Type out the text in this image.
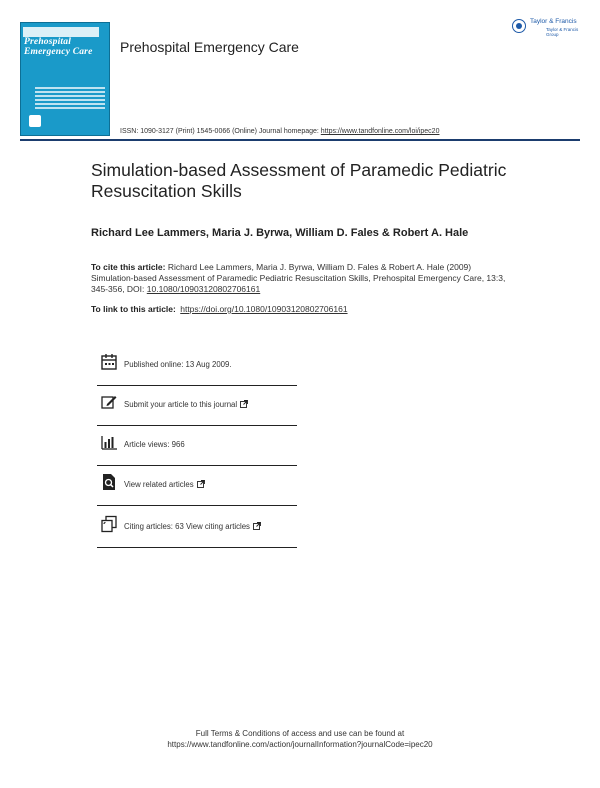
Prehospital Emergency Care	Prehospital Emergency Care
Taylor & Francis
Taylor & Francis Group
ISSN: 1090-3127 (Print) 1545-0066 (Online) Journal homepage: https://www.tandfonline.com/loi/ipec20
Simulation-based Assessment of Paramedic Pediatric Resuscitation Skills
Richard Lee Lammers, Maria J. Byrwa, William D. Fales & Robert A. Hale
To cite this article: Richard Lee Lammers, Maria J. Byrwa, William D. Fales & Robert A. Hale (2009) Simulation-based Assessment of Paramedic Pediatric Resuscitation Skills, Prehospital Emergency Care, 13:3, 345-356, DOI: 10.1080/10903120802706161
To link to this article: https://doi.org/10.1080/10903120802706161
Published online: 13 Aug 2009.
Submit your article to this journal
Article views: 966
View related articles
Citing articles: 63 View citing articles
Full Terms & Conditions of access and use can be found at
https://www.tandfonline.com/action/journalInformation?journalCode=ipec20
